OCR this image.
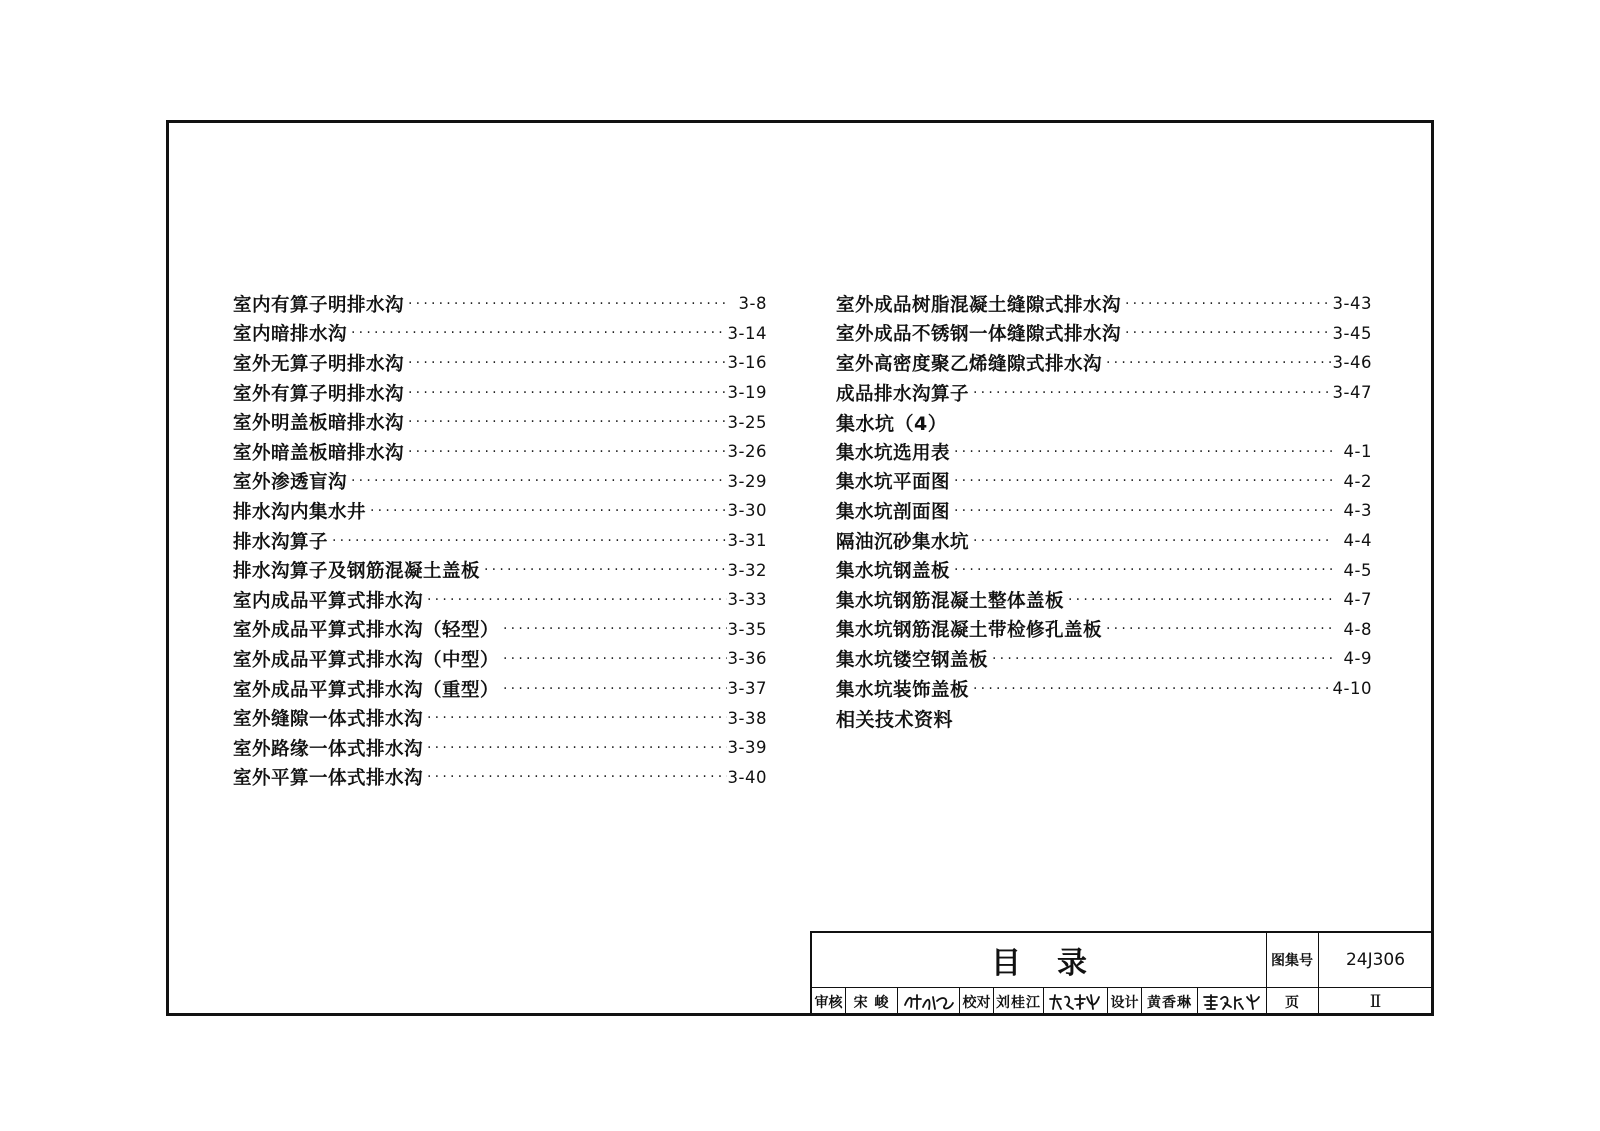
室内有算子明排水沟 ·····	3-8
室内暗排水沟 ·····	3-14
室外无算子明排水沟 ·····	3-16
室外有算子明排水沟 ·····	3-19
室外明盖板暗排水沟 ·····	3-25
室外暗盖板暗排水沟 ·····	3-26
室外渗透盲沟 ·····	3-29
排水沟内集水井 ·····	3-30
排水沟算子 ·····	3-31
排水沟算子及钢筋混凝土盖板 ·····	3-32
室内成品平算式排水沟 ·····	3-33
室外成品平算式排水沟（轻型） ·····	3-35
室外成品平算式排水沟（中型） ·····	3-36
室外成品平算式排水沟（重型） ·····	3-37
室外缝隙一体式排水沟 ·····	3-38
室外路缘一体式排水沟 ·····	3-39
室外平算一体式排水沟 ·····	3-40
室外成品树脂混凝土缝隙式排水沟 ·····	3-43
室外成品不锈钢一体缝隙式排水沟 ·····	3-45
室外高密度聚乙烯缝隙式排水沟 ·····	3-46
成品排水沟算子 ·····	3-47
集水坑（4）
集水坑选用表 ·····	4-1
集水坑平面图 ·····	4-2
集水坑剖面图 ·····	4-3
隔油沉砂集水坑 ·····	4-4
集水坑钢盖板 ·····	4-5
集水坑钢筋混凝土整体盖板 ·····	4-7
集水坑钢筋混凝土带检修孔盖板 ·····	4-8
集水坑镂空钢盖板 ·····	4-9
集水坑装饰盖板 ·····	4-10
相关技术资料
目录	图集号	24J306
审核 宋 峻	校对 刘桂江	设计 黄香琳	页	Ⅱ
